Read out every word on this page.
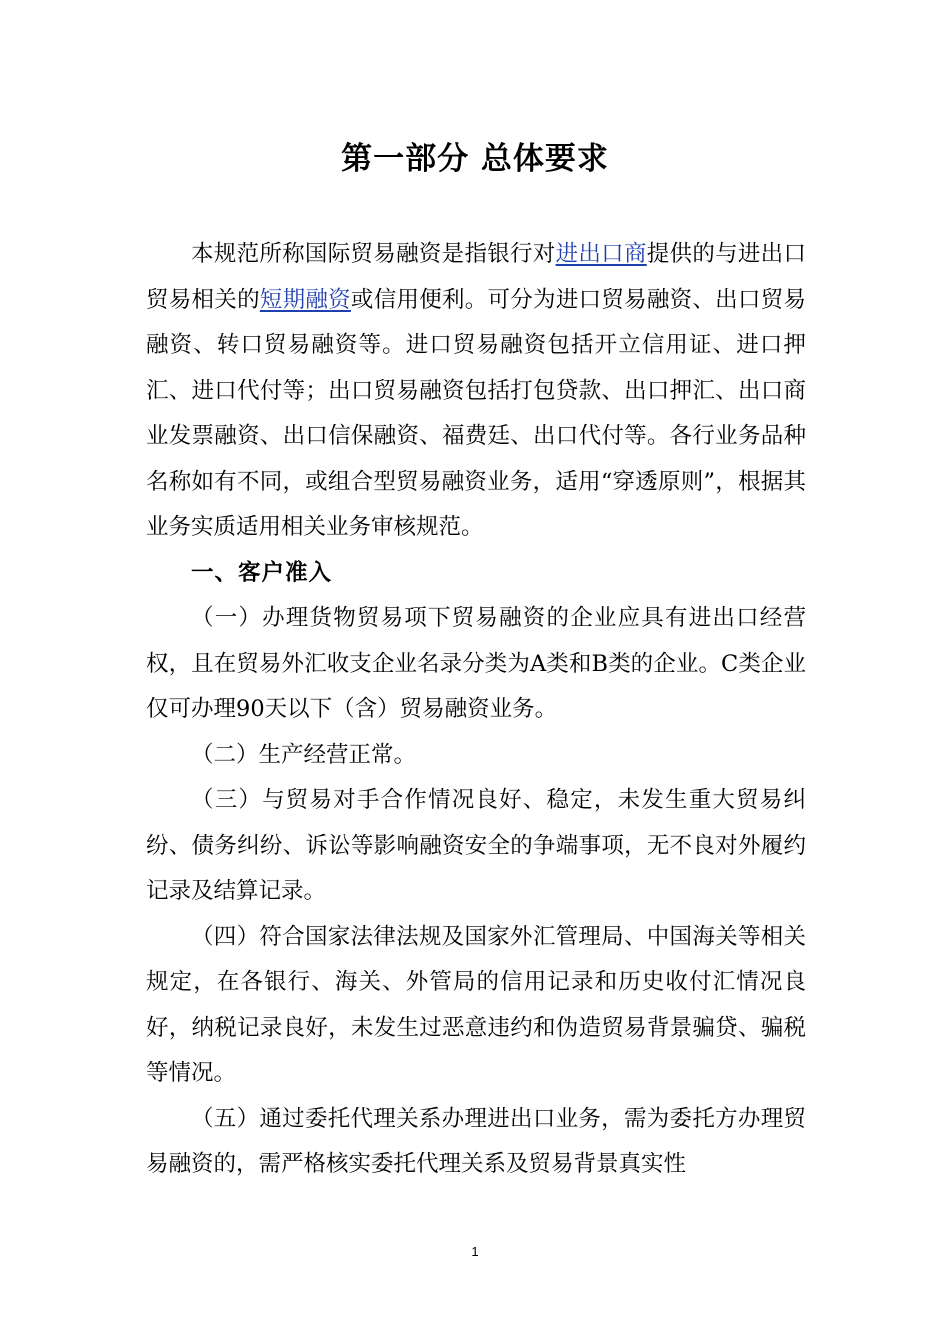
第一部分 总体要求

本规范所称国际贸易融资是指银行对进出口商提供的与进出口贸易相关的短期融资或信用便利。可分为进口贸易融资、出口贸易融资、转口贸易融资等。进口贸易融资包括开立信用证、进口押汇、进口代付等；出口贸易融资包括打包贷款、出口押汇、出口商业发票融资、出口信保融资、福费廷、出口代付等。各行业务品种名称如有不同，或组合型贸易融资业务，适用“穿透原则”，根据其业务实质适用相关业务审核规范。

一、客户准入

（一）办理货物贸易项下贸易融资的企业应具有进出口经营权，且在贸易外汇收支企业名录分类为A类和B类的企业。C类企业仅可办理90天以下（含）贸易融资业务。

（二）生产经营正常。

（三）与贸易对手合作情况良好、稳定，未发生重大贸易纠纷、债务纠纷、诉讼等影响融资安全的争端事项，无不良对外履约记录及结算记录。

（四）符合国家法律法规及国家外汇管理局、中国海关等相关规定，在各银行、海关、外管局的信用记录和历史收付汇情况良好，纳税记录良好，未发生过恶意违约和伪造贸易背景骗贷、骗税等情况。

（五）通过委托代理关系办理进出口业务，需为委托方办理贸易融资的，需严格核实委托代理关系及贸易背景真实性

1
